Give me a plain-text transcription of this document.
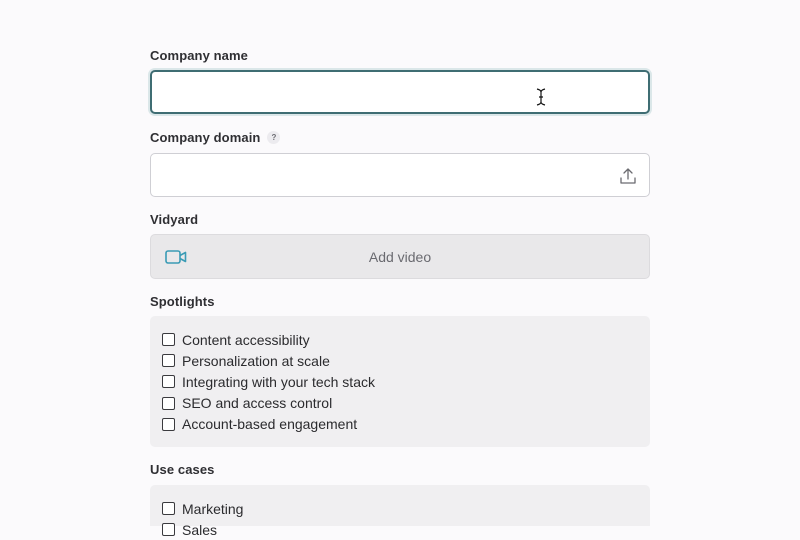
Company name
Company domain	?
Vidyard
Add video
Spotlights
Content accessibility
Personalization at scale
Integrating with your tech stack
SEO and access control
Account-based engagement
Use cases
Marketing
Sales
